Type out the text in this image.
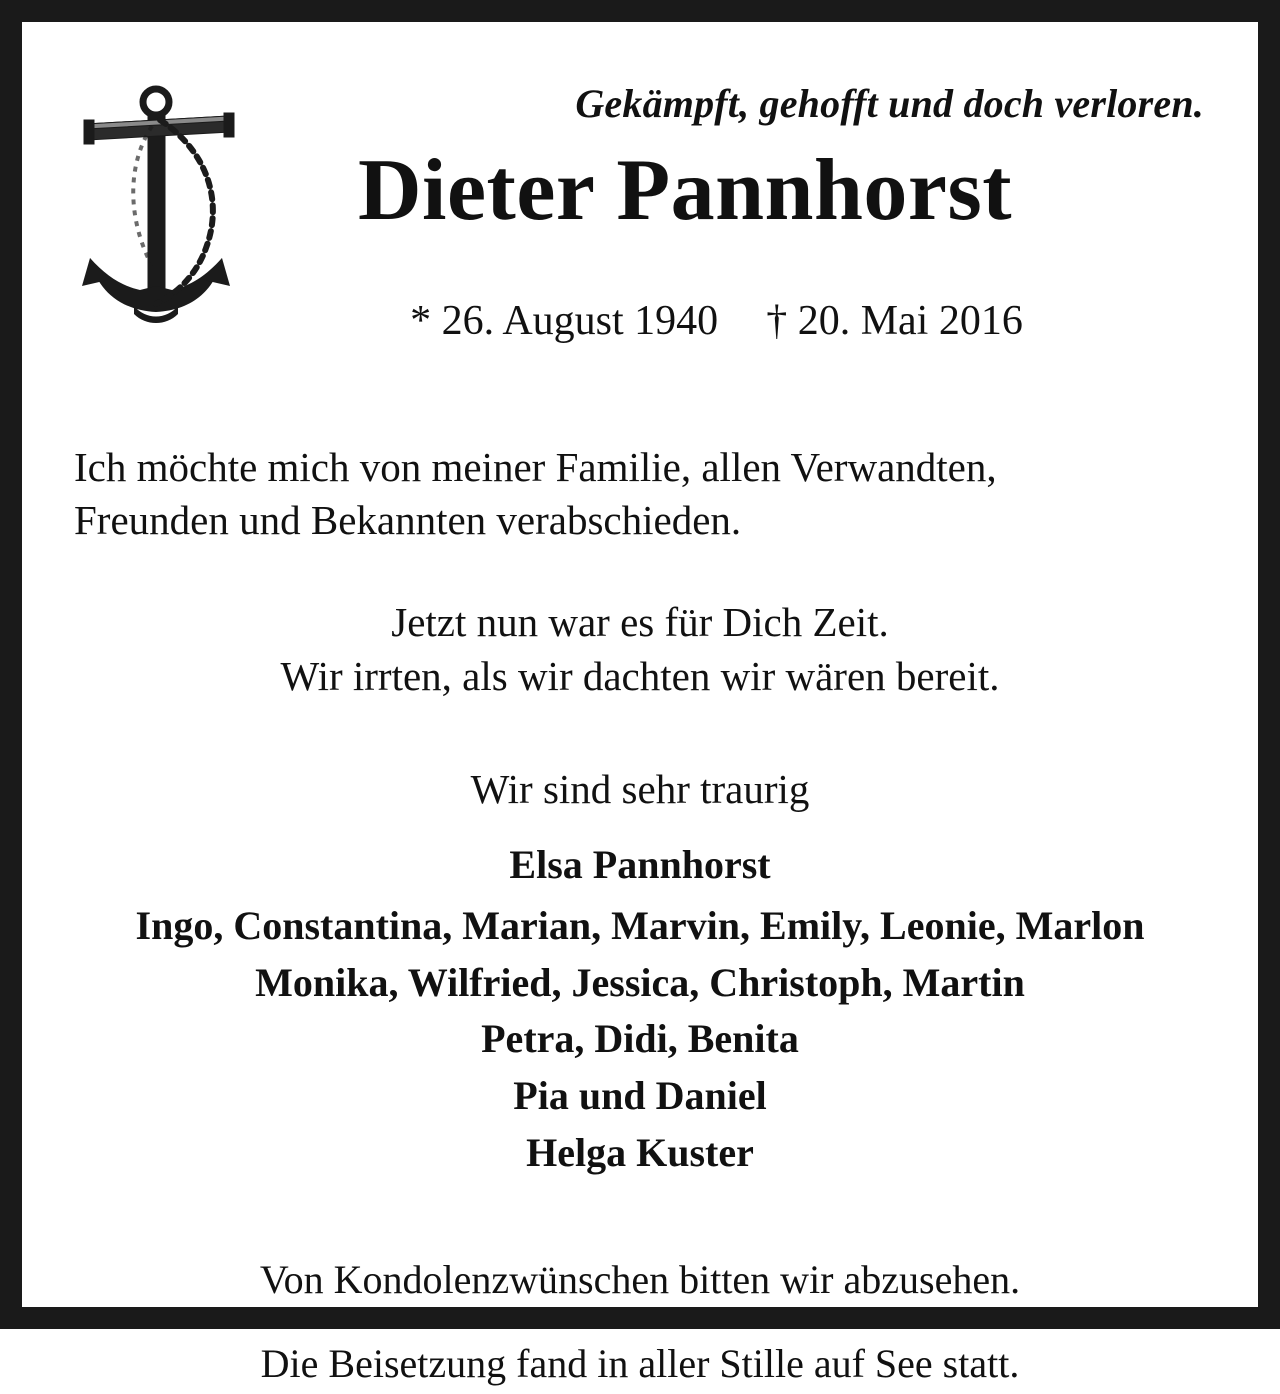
Gekämpft, gehofft und doch verloren.
Dieter Pannhorst

* 26. August 1940 † 20. Mai 2016

Ich möchte mich von meiner Familie, allen Verwandten,
Freunden und Bekannten verabschieden.
Jetzt nun war es für Dich Zeit.
Wir irrten, als wir dachten wir wären bereit.
Wir sind sehr traurig
Elsa Pannhorst
Ingo, Constantina, Marian, Marvin, Emily, Leonie, Marlon
Monika, Wilfried, Jessica, Christoph, Martin
Petra, Didi, Benita
Pia und Daniel
Helga Kuster
Von Kondolenzwünschen bitten wir abzusehen.
Die Beisetzung fand in aller Stille auf See statt.
